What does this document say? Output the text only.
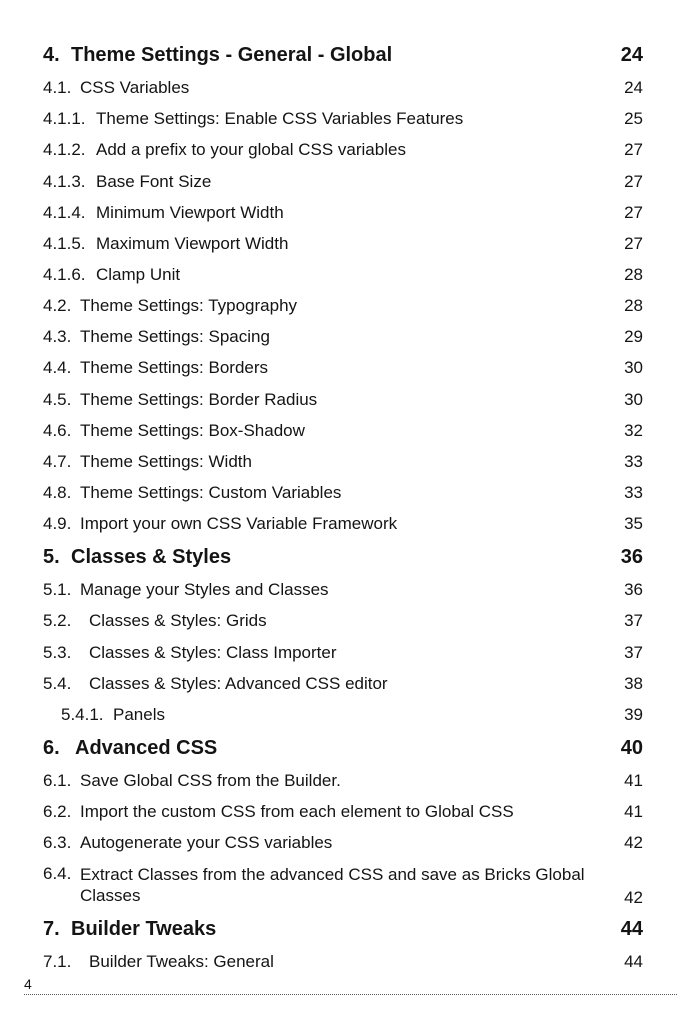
4. Theme Settings - General - Global	24
4.1. CSS Variables	24
4.1.1. Theme Settings: Enable CSS Variables Features	25
4.1.2. Add a prefix to your global CSS variables	27
4.1.3. Base Font Size	27
4.1.4. Minimum Viewport Width	27
4.1.5. Maximum Viewport Width	27
4.1.6. Clamp Unit	28
4.2. Theme Settings: Typography	28
4.3. Theme Settings: Spacing	29
4.4. Theme Settings: Borders	30
4.5. Theme Settings: Border Radius	30
4.6. Theme Settings: Box-Shadow	32
4.7. Theme Settings: Width	33
4.8. Theme Settings: Custom Variables	33
4.9. Import your own CSS Variable Framework	35
5. Classes & Styles	36
5.1. Manage your Styles and Classes	36
5.2.	Classes & Styles: Grids	37
5.3.	Classes & Styles: Class Importer	37
5.4.	Classes & Styles: Advanced CSS editor	38
5.4.1. Panels	39
6. Advanced CSS	40
6.1. Save Global CSS from the Builder.	41
6.2. Import the custom CSS from each element to Global CSS	41
6.3. Autogenerate your CSS variables	42
6.4. Extract Classes from the advanced CSS and save as Bricks Global Classes	42
7. Builder Tweaks	44
7.1.	Builder Tweaks: General	44
4
